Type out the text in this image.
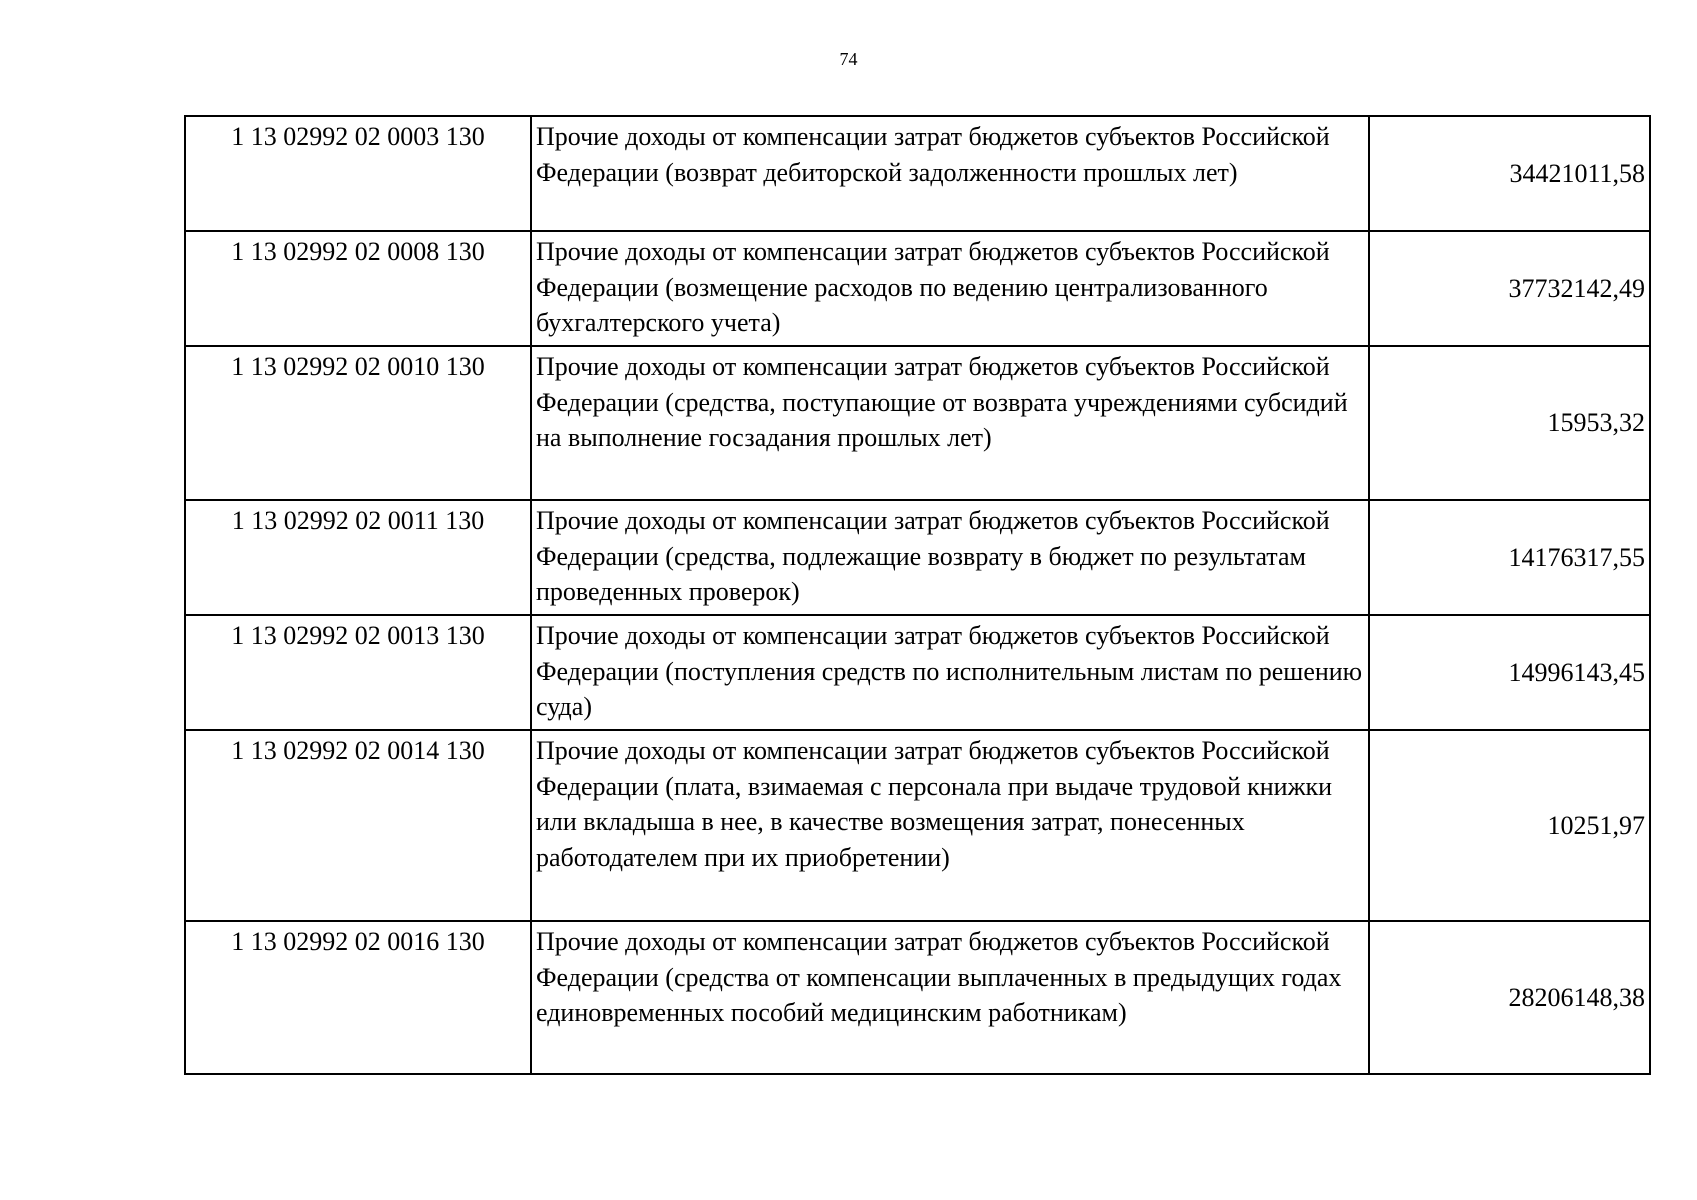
74
1 13 02992 02 0003 130	Прочие доходы от компенсации затрат бюджетов субъектов Российской Федерации (возврат дебиторской задолженности прошлых лет)	34421011,58

1 13 02992 02 0008 130	Прочие доходы от компенсации затрат бюджетов субъектов Российской Федерации (возмещение расходов по ведению централизованного бухгалтерского учета)	37732142,49

1 13 02992 02 0010 130	Прочие доходы от компенсации затрат бюджетов субъектов Российской Федерации (средства, поступающие от возврата учреждениями субсидий на выполнение госзадания прошлых лет)	15953,32

1 13 02992 02 0011 130	Прочие доходы от компенсации затрат бюджетов субъектов Российской Федерации (средства, подлежащие возврату в бюджет по результатам проведенных проверок)	14176317,55

1 13 02992 02 0013 130	Прочие доходы от компенсации затрат бюджетов субъектов Российской Федерации (поступления средств по исполнительным листам по решению суда)	14996143,45

1 13 02992 02 0014 130	Прочие доходы от компенсации затрат бюджетов субъектов Российской Федерации (плата, взимаемая с персонала при выдаче трудовой книжки или вкладыша в нее, в качестве возмещения затрат, понесенных работодателем при их приобретении)	10251,97

1 13 02992 02 0016 130	Прочие доходы от компенсации затрат бюджетов субъектов Российской Федерации (средства от компенсации выплаченных в предыдущих годах единовременных пособий медицинским работникам)	28206148,38
